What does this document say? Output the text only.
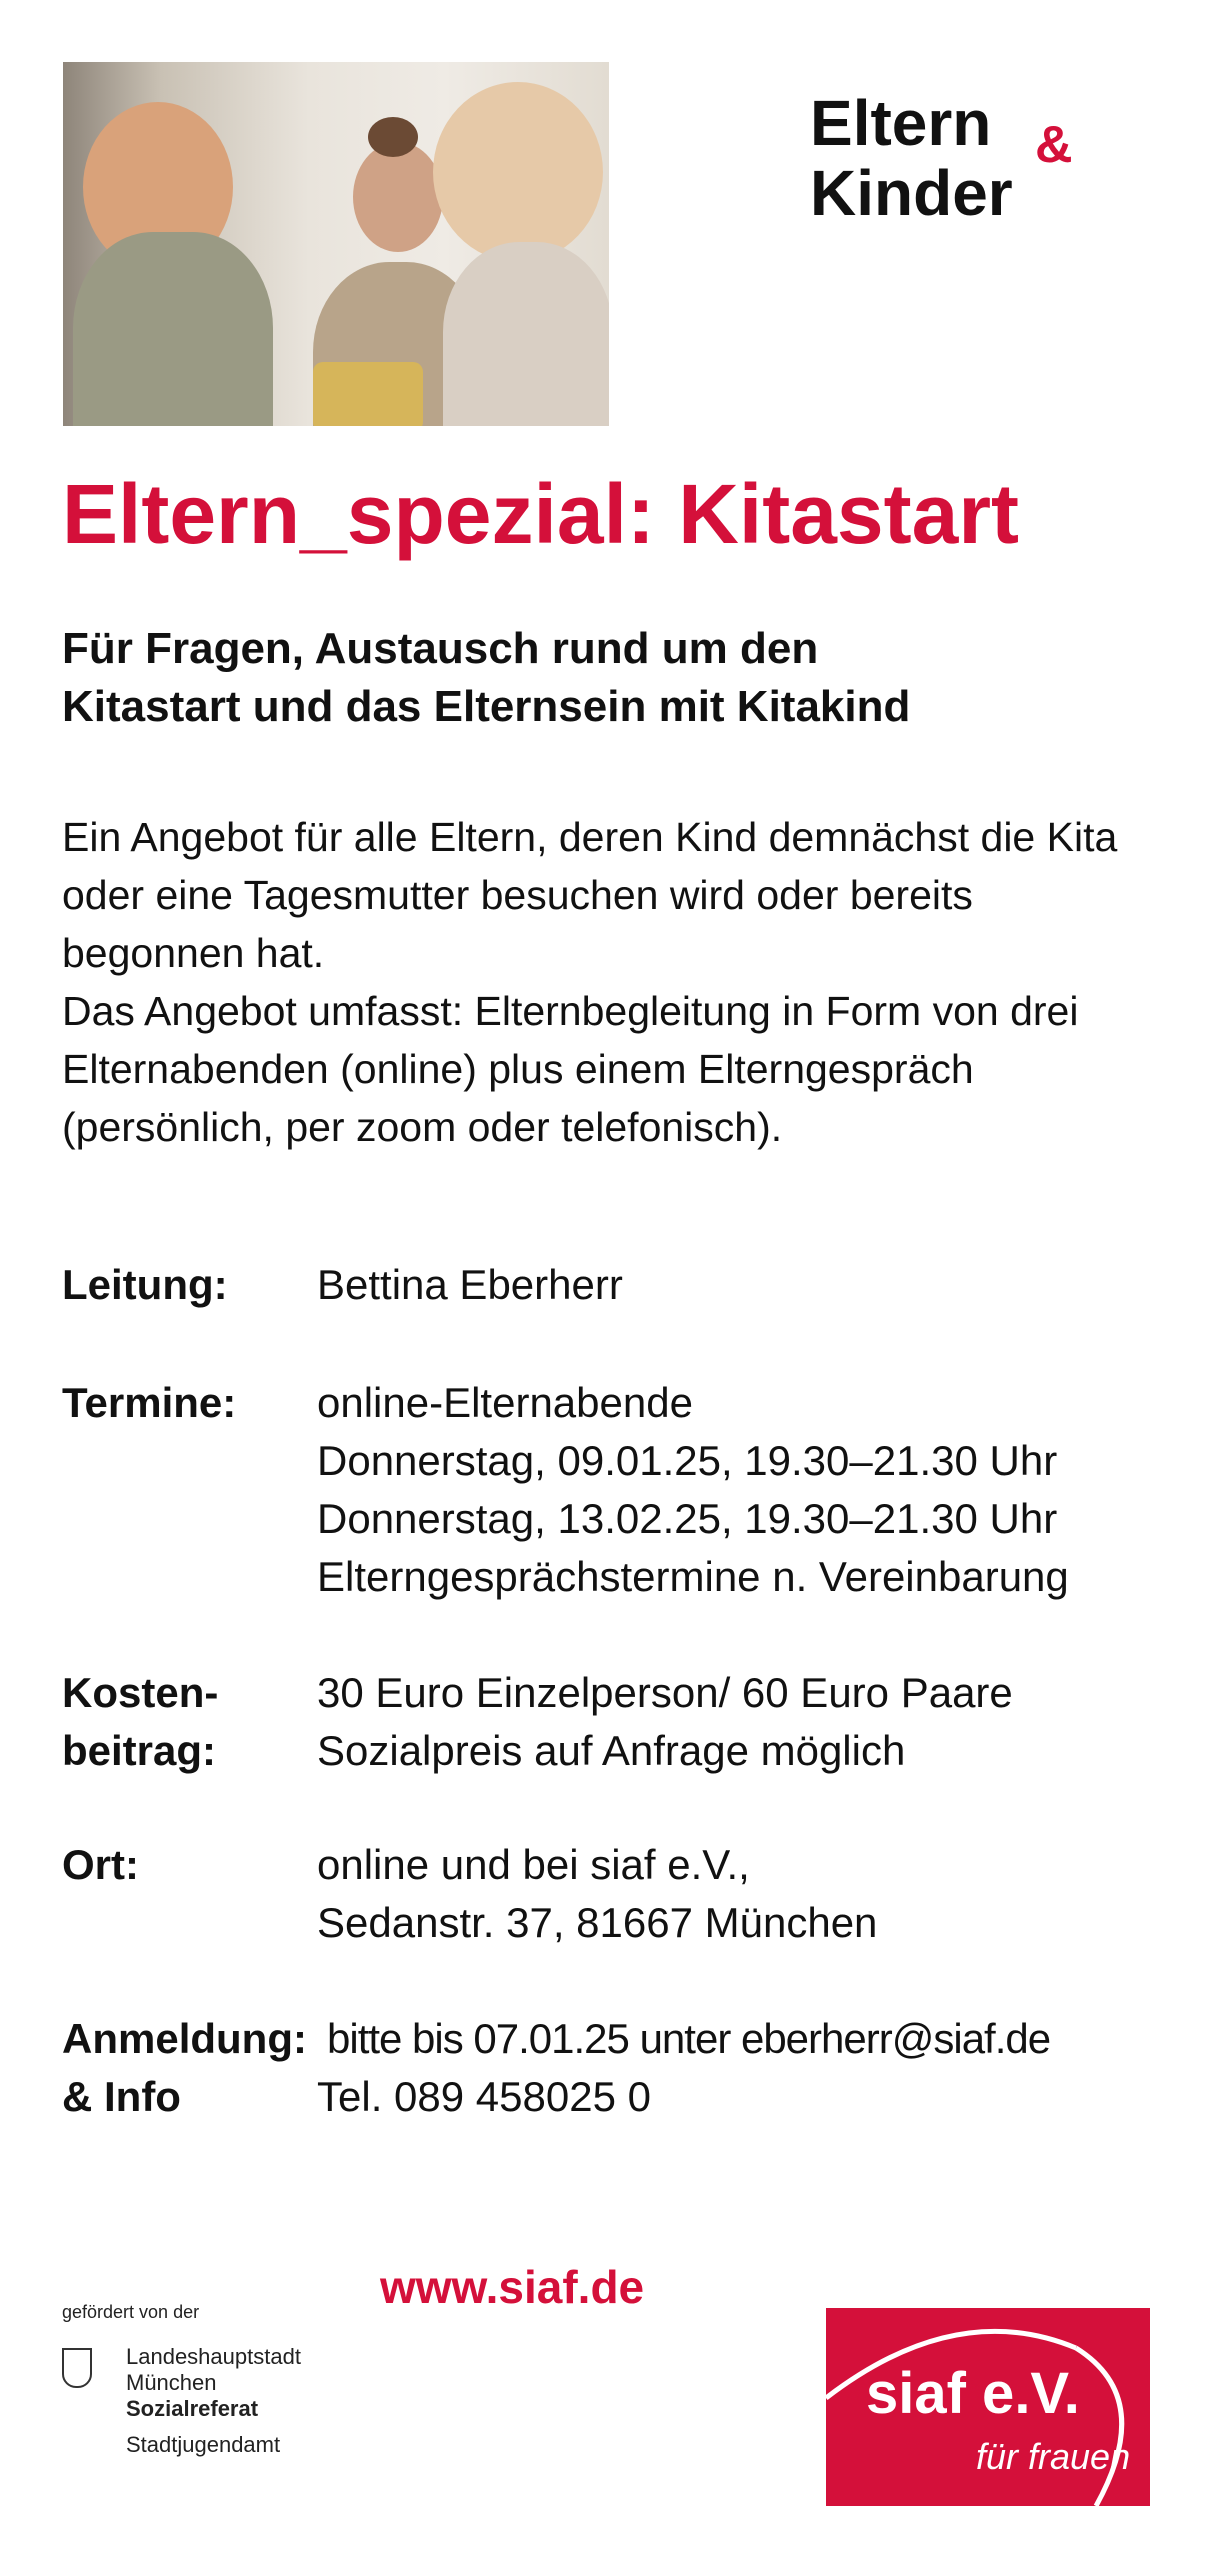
Eltern
Kinder
&
Eltern_spezial: Kitastart
Für Fragen, Austausch rund um den
Kitastart und das Elternsein mit Kitakind

Ein Angebot für alle Eltern, deren Kind demnächst die Kita oder eine Tagesmutter besuchen wird oder bereits begonnen hat.

Das Angebot umfasst: Elternbegleitung in Form von drei Elternabenden (online) plus einem Elterngespräch (persönlich, per zoom oder telefonisch).

Leitung: Bettina Eberherr
Termine: online-Elternabende
Donnerstag, 09.01.25, 19.30–21.30 Uhr
Donnerstag, 13.02.25, 19.30–21.30 Uhr
Elterngesprächstermine n. Vereinbarung
Kosten-
beitrag:
30 Euro Einzelperson/ 60 Euro Paare
Sozialpreis auf Anfrage möglich
Ort:	online und bei siaf e.V.,
Sedanstr. 37, 81667 München
Anmeldung:
& Info
bitte bis 07.01.25 unter eberherr@siaf.de
Tel. 089 458025 0
www.siaf.de
gefördert von der
Landeshauptstadt
München
Sozialreferat
Stadtjugendamt
siaf e.V.
für frauen
